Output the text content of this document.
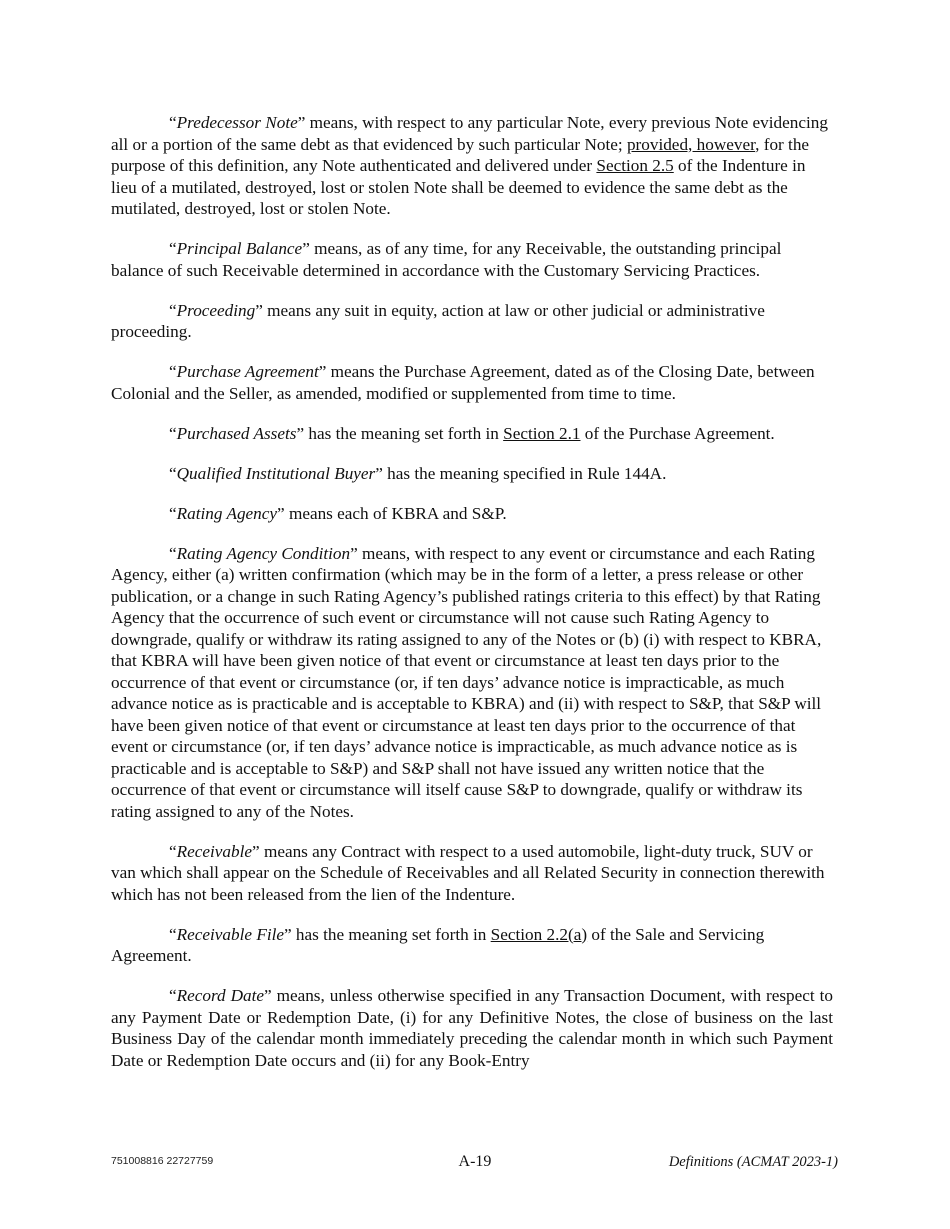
“Predecessor Note” means, with respect to any particular Note, every previous Note evidencing all or a portion of the same debt as that evidenced by such particular Note; provided, however, for the purpose of this definition, any Note authenticated and delivered under Section 2.5 of the Indenture in lieu of a mutilated, destroyed, lost or stolen Note shall be deemed to evidence the same debt as the mutilated, destroyed, lost or stolen Note.

“Principal Balance” means, as of any time, for any Receivable, the outstanding principal balance of such Receivable determined in accordance with the Customary Servicing Practices.

“Proceeding” means any suit in equity, action at law or other judicial or administrative proceeding.

“Purchase Agreement” means the Purchase Agreement, dated as of the Closing Date, between Colonial and the Seller, as amended, modified or supplemented from time to time.

“Purchased Assets” has the meaning set forth in Section 2.1 of the Purchase Agreement.

“Qualified Institutional Buyer” has the meaning specified in Rule 144A.

“Rating Agency” means each of KBRA and S&P.

“Rating Agency Condition” means, with respect to any event or circumstance and each Rating Agency, either (a) written confirmation (which may be in the form of a letter, a press release or other publication, or a change in such Rating Agency’s published ratings criteria to this effect) by that Rating Agency that the occurrence of such event or circumstance will not cause such Rating Agency to downgrade, qualify or withdraw its rating assigned to any of the Notes or (b) (i) with respect to KBRA, that KBRA will have been given notice of that event or circumstance at least ten days prior to the occurrence of that event or circumstance (or, if ten days’ advance notice is impracticable, as much advance notice as is practicable and is acceptable to KBRA) and (ii) with respect to S&P, that S&P will have been given notice of that event or circumstance at least ten days prior to the occurrence of that event or circumstance (or, if ten days’ advance notice is impracticable, as much advance notice as is practicable and is acceptable to S&P) and S&P shall not have issued any written notice that the occurrence of that event or circumstance will itself cause S&P to downgrade, qualify or withdraw its rating assigned to any of the Notes.

“Receivable” means any Contract with respect to a used automobile, light-duty truck, SUV or van which shall appear on the Schedule of Receivables and all Related Security in connection therewith which has not been released from the lien of the Indenture.

“Receivable File” has the meaning set forth in Section 2.2(a) of the Sale and Servicing Agreement.

“Record Date” means, unless otherwise specified in any Transaction Document, with respect to any Payment Date or Redemption Date, (i) for any Definitive Notes, the close of business on the last Business Day of the calendar month immediately preceding the calendar month in which such Payment Date or Redemption Date occurs and (ii) for any Book-Entry

751008816 22727759	A-19	Definitions (ACMAT 2023-1)
